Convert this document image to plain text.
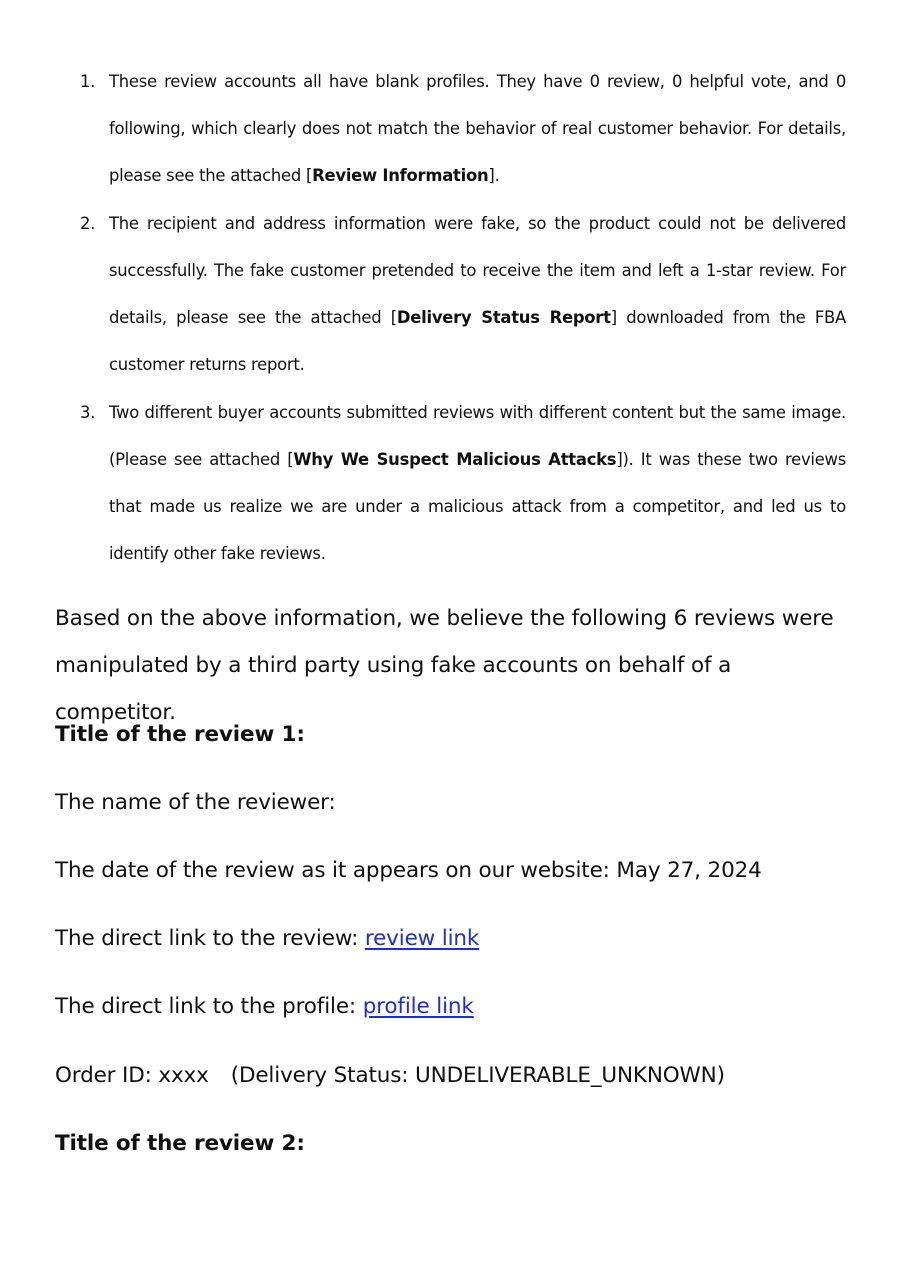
1. These review accounts all have blank profiles. They have 0 review, 0 helpful vote, and 0 following, which clearly does not match the behavior of real customer behavior. For details, please see the attached [Review Information].
2. The recipient and address information were fake, so the product could not be delivered successfully. The fake customer pretended to receive the item and left a 1-star review. For details, please see the attached [Delivery Status Report] downloaded from the FBA customer returns report.
3. Two different buyer accounts submitted reviews with different content but the same image. (Please see attached [Why We Suspect Malicious Attacks]). It was these two reviews that made us realize we are under a malicious attack from a competitor, and led us to identify other fake reviews.

Based on the above information, we believe the following 6 reviews were manipulated by a third party using fake accounts on behalf of a competitor.

Title of the review 1:

The name of the reviewer:

The date of the review as it appears on our website: May 27, 2024

The direct link to the review: review link

The direct link to the profile: profile link

Order ID: xxxx (Delivery Status: UNDELIVERABLE_UNKNOWN)

Title of the review 2:
